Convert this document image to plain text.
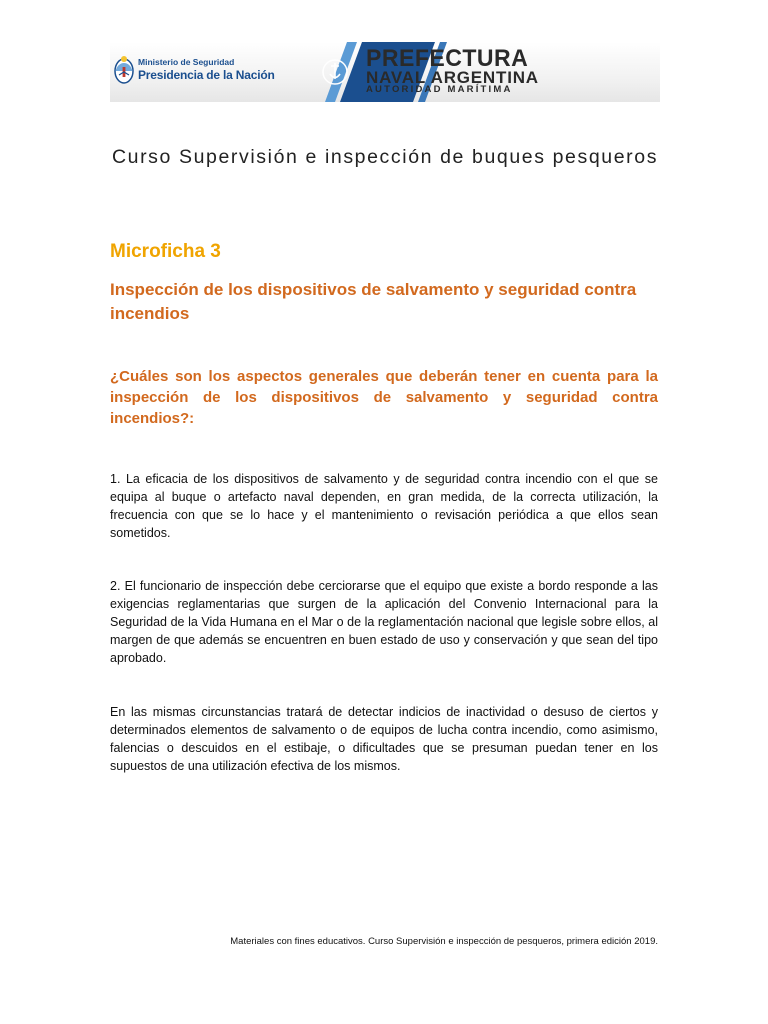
Ministerio de Seguridad
Presidencia de la Nación
PREFECTURA
NAVAL ARGENTINA
AUTORIDAD MARÍTIMA
Curso Supervisión e inspección de buques pesqueros
Microficha 3
Inspección de los dispositivos de salvamento y seguridad contra incendios
¿Cuáles son los aspectos generales que deberán tener en cuenta para la inspección de los dispositivos de salvamento y seguridad contra incendios?:
1. La eficacia de los dispositivos de salvamento y de seguridad contra incendio con el que se equipa al buque o artefacto naval dependen, en gran medida, de la correcta utilización, la frecuencia con que se lo hace y el mantenimiento o revisación periódica a que ellos sean sometidos.
2. El funcionario de inspección debe cerciorarse que el equipo que existe a bordo responde a las exigencias reglamentarias que surgen de la aplicación del Convenio Internacional para la Seguridad de la Vida Humana en el Mar o de la reglamentación nacional que legisle sobre ellos, al margen de que además se encuentren en buen estado de uso y conservación y que sean del tipo aprobado.
En las mismas circunstancias tratará de detectar indicios de inactividad o desuso de ciertos y determinados elementos de salvamento o de equipos de lucha contra incendio, como asimismo, falencias o descuidos en el estibaje, o dificultades que se presuman puedan tener en los supuestos de una utilización efectiva de los mismos.
Materiales con fines educativos. Curso Supervisión e inspección de pesqueros, primera edición 2019.
